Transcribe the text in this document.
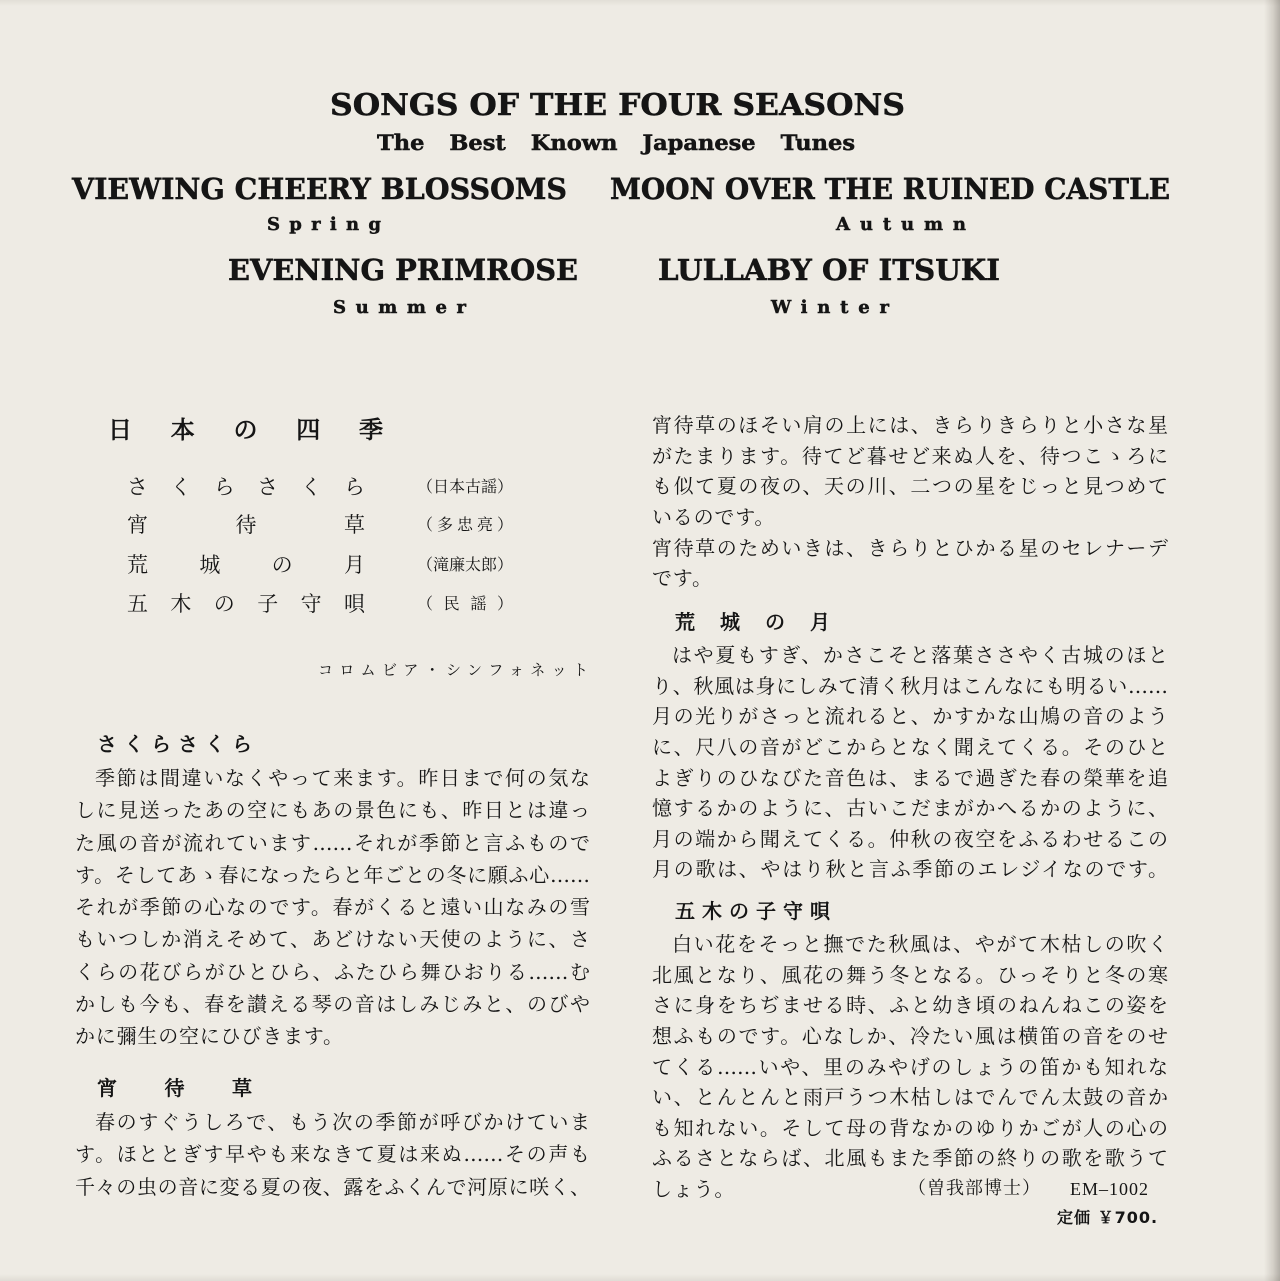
SONGS OF THE FOUR SEASONS
The Best Known Japanese Tunes
VIEWING CHEERY BLOSSOMS
Spring
MOON OVER THE RUINED CASTLE
Autumn
EVENING PRIMROSE
Summer
LULLABY OF ITSUKI
Winter
日本の四季
さくらさくら	（日本古謡）
宵待草	（多忠亮）
荒城の月	（滝廉太郎）
五木の子守唄	（民謡）
コロムビア・シンフォネット
さくらさくら
季節は間違いなくやって来ます。昨日まで何の気な
しに見送ったあの空にもあの景色にも、昨日とは違っ
た風の音が流れています……それが季節と言ふもので
す。そしてあゝ春になったらと年ごとの冬に願ふ心……
それが季節の心なのです。春がくると遠い山なみの雪
もいつしか消えそめて、あどけない天使のように、さ
くらの花びらがひとひら、ふたひら舞ひおりる……む
かしも今も、春を讃える琴の音はしみじみと、のびや
かに彌生の空にひびきます。
宵待草
春のすぐうしろで、もう次の季節が呼びかけていま
す。ほととぎす早やも来なきて夏は来ぬ……その声も
千々の虫の音に変る夏の夜、露をふくんで河原に咲く、
宵待草のほそい肩の上には、きらりきらりと小さな星
がたまります。待てど暮せど来ぬ人を、待つこゝろに
も似て夏の夜の、天の川、二つの星をじっと見つめて
いるのです。
宵待草のためいきは、きらりとひかる星のセレナーデ
です。
荒城の月
はや夏もすぎ、かさこそと落葉ささやく古城のほと
り、秋風は身にしみて清く秋月はこんなにも明るい……
月の光りがさっと流れると、かすかな山鳩の音のよう
に、尺八の音がどこからとなく聞えてくる。そのひと
よぎりのひなびた音色は、まるで過ぎた春の榮華を追
憶するかのように、古いこだまがかへるかのように、
月の端から聞えてくる。仲秋の夜空をふるわせるこの
月の歌は、やはり秋と言ふ季節のエレジイなのです。
五木の子守唄
白い花をそっと撫でた秋風は、やがて木枯しの吹く
北風となり、風花の舞う冬となる。ひっそりと冬の寒
さに身をちぢませる時、ふと幼き頃のねんねこの姿を
想ふものです。心なしか、冷たい風は横笛の音をのせ
てくる……いや、里のみやげのしょうの笛かも知れな
い、とんとんと雨戸うつ木枯しはでんでん太鼓の音か
も知れない。そして母の背なかのゆりかごが人の心の
ふるさとならば、北風もまた季節の終りの歌を歌うて
しょう。	（曽我部博士） EM–1002
定価 ￥700.
